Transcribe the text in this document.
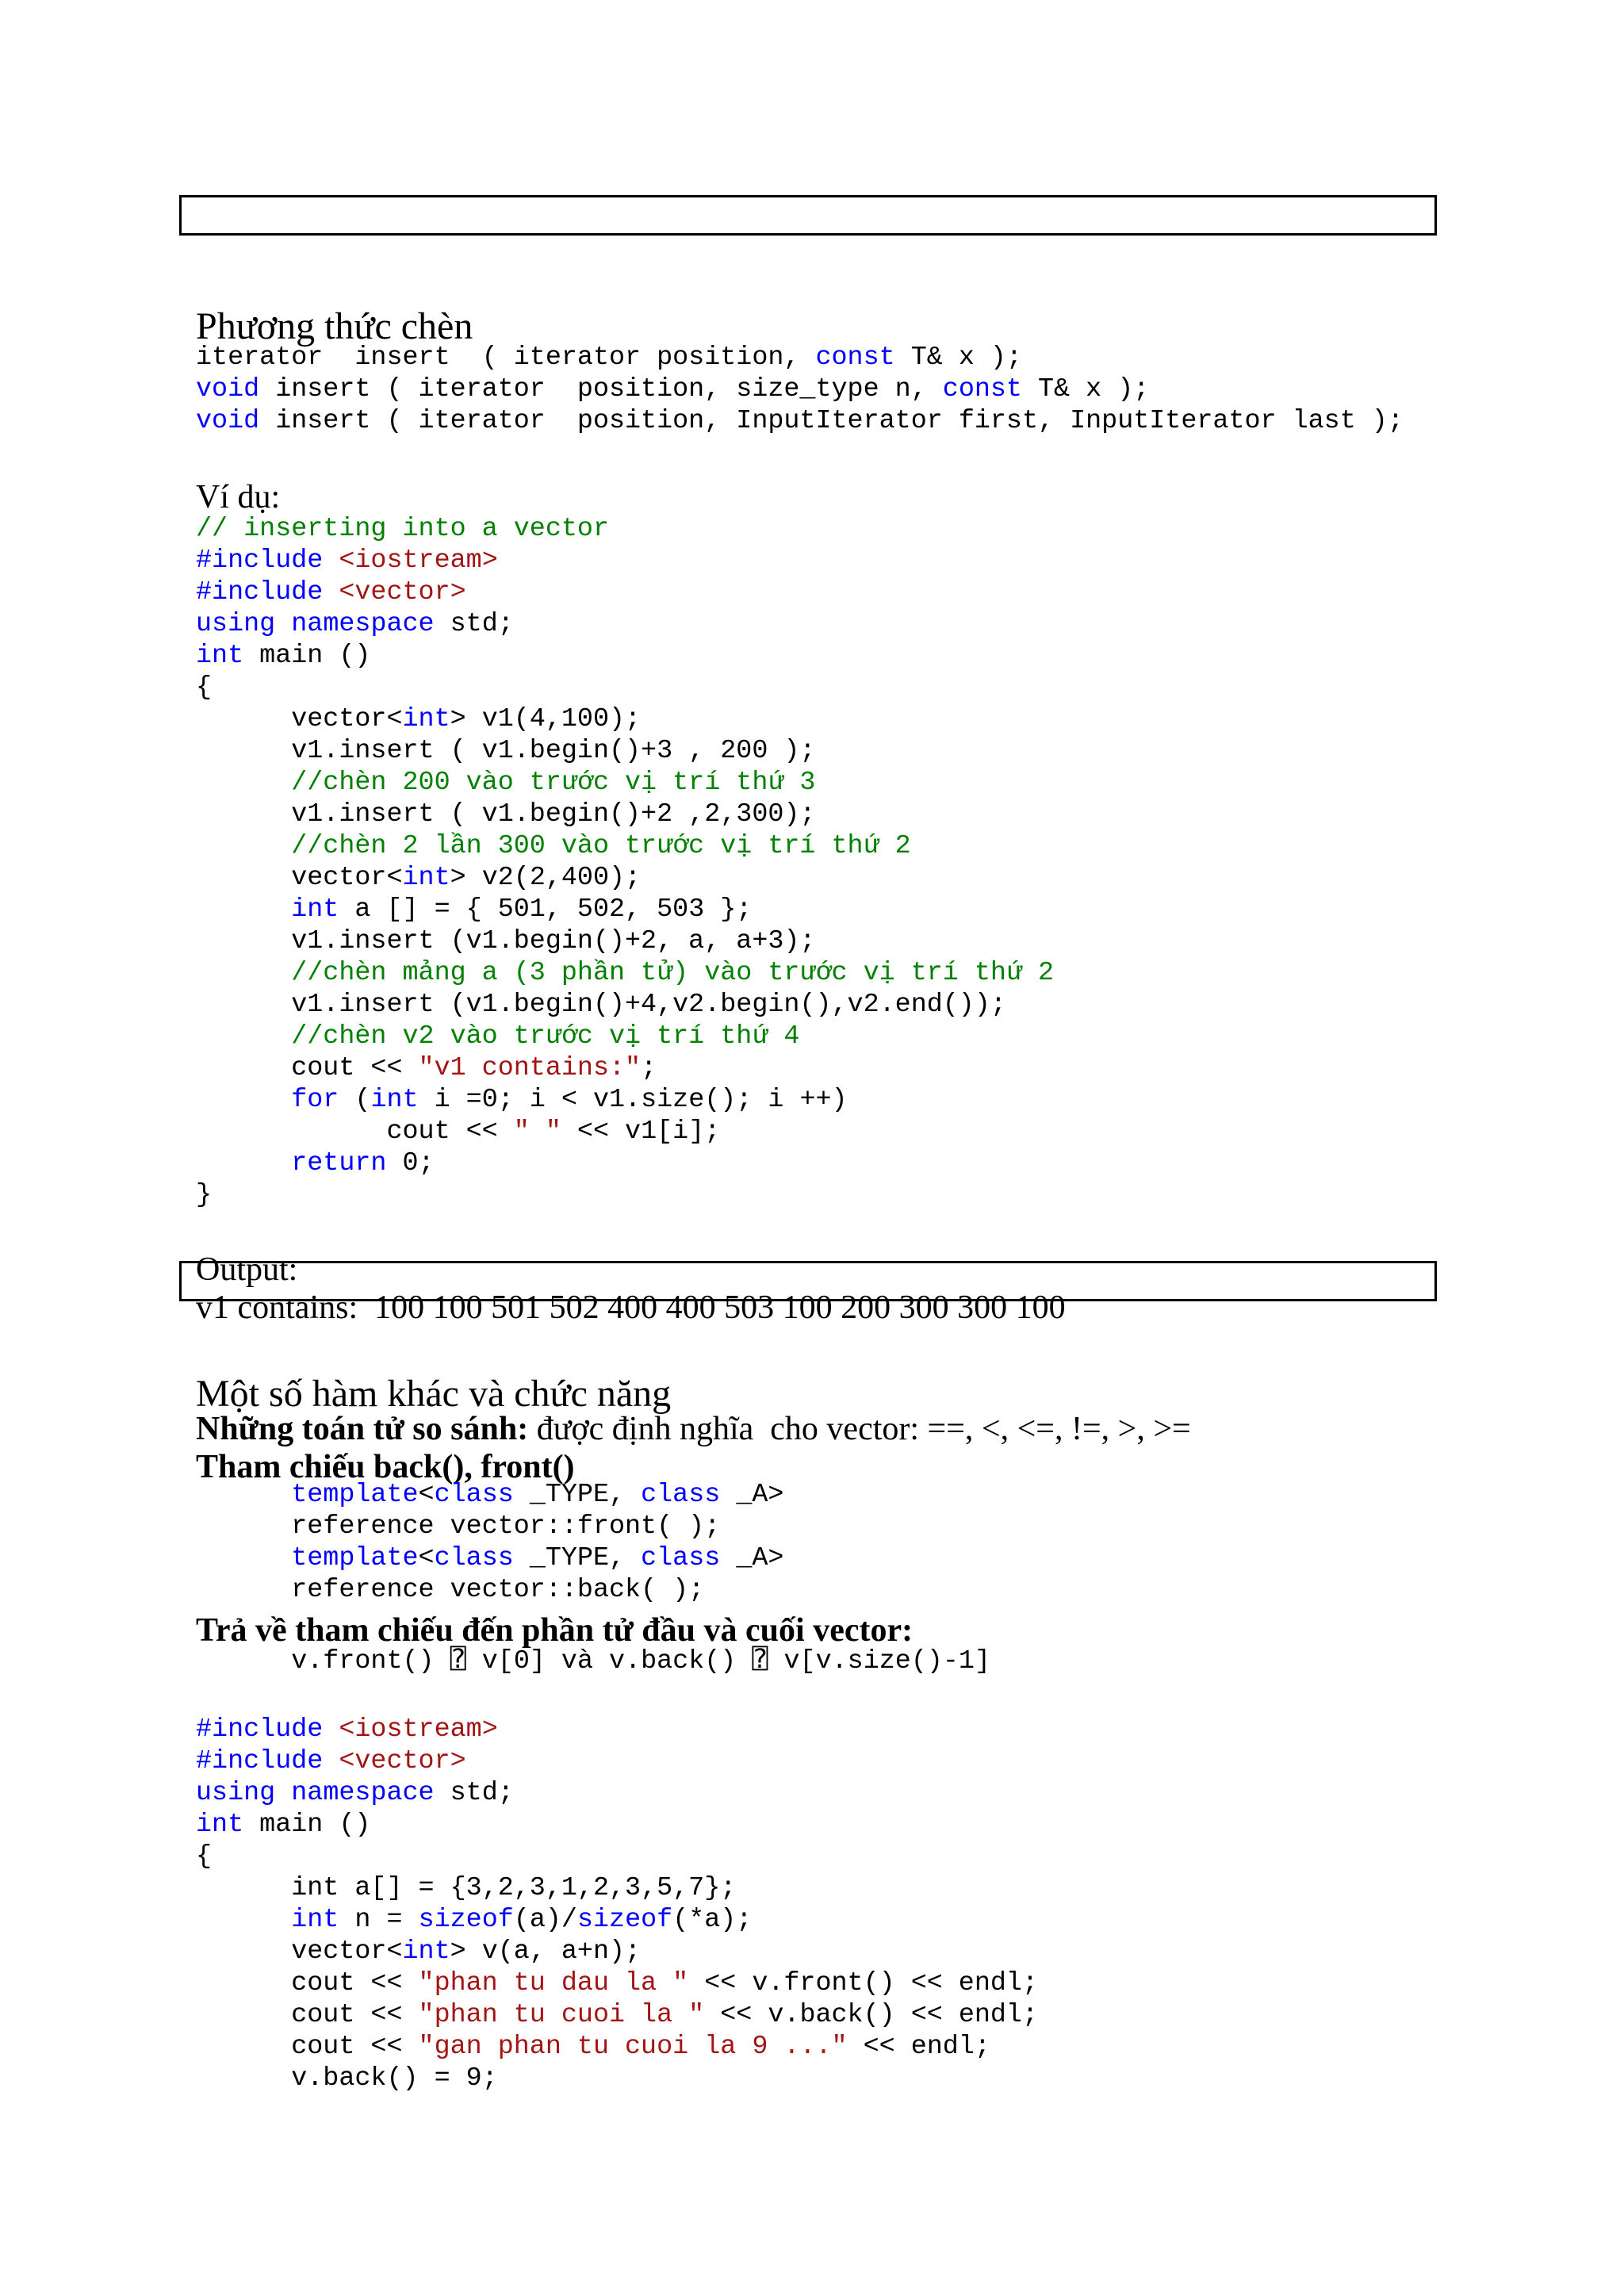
Phương thức chèn
iterator  insert  ( iterator position, const T& x );
void insert ( iterator  position, size_type n, const T& x );
void insert ( iterator  position, InputIterator first, InputIterator last );
Ví dụ:
// inserting into a vector
#include <iostream>
#include <vector>
using namespace std;
int main ()
{
vector<int> v1(4,100);
v1.insert ( v1.begin()+3 , 200 );
//chèn 200 vào trước vị trí thứ 3
v1.insert ( v1.begin()+2 ,2,300);
//chèn 2 lần 300 vào trước vị trí thứ 2
vector<int> v2(2,400);
int a [] = { 501, 502, 503 };
v1.insert (v1.begin()+2, a, a+3);
//chèn mảng a (3 phần tử) vào trước vị trí thứ 2
v1.insert (v1.begin()+4,v2.begin(),v2.end());
//chèn v2 vào trước vị trí thứ 4
cout << "v1 contains:";
for (int i =0; i < v1.size(); i ++)
cout << " " << v1[i];
return 0;
}
Output:
v1 contains:  100 100 501 502 400 400 503 100 200 300 300 100
Một số hàm khác và chức năng
Những toán tử so sánh: được định nghĩa  cho vector: ==, <, <=, !=, >, >=
Tham chiếu back(), front()
template<class _TYPE, class _A>
reference vector::front( );
template<class _TYPE, class _A>
reference vector::back( );
Trả về tham chiếu đến phần tử đầu và cuối vector:
v.front() ⍰ v[0] và v.back() ⍰ v[v.size()-1]
#include <iostream>
#include <vector>
using namespace std;
int main ()
{
int a[] = {3,2,3,1,2,3,5,7};
int n = sizeof(a)/sizeof(*a);
vector<int> v(a, a+n);
cout << "phan tu dau la " << v.front() << endl;
cout << "phan tu cuoi la " << v.back() << endl;
cout << "gan phan tu cuoi la 9 ..." << endl;
v.back() = 9;
